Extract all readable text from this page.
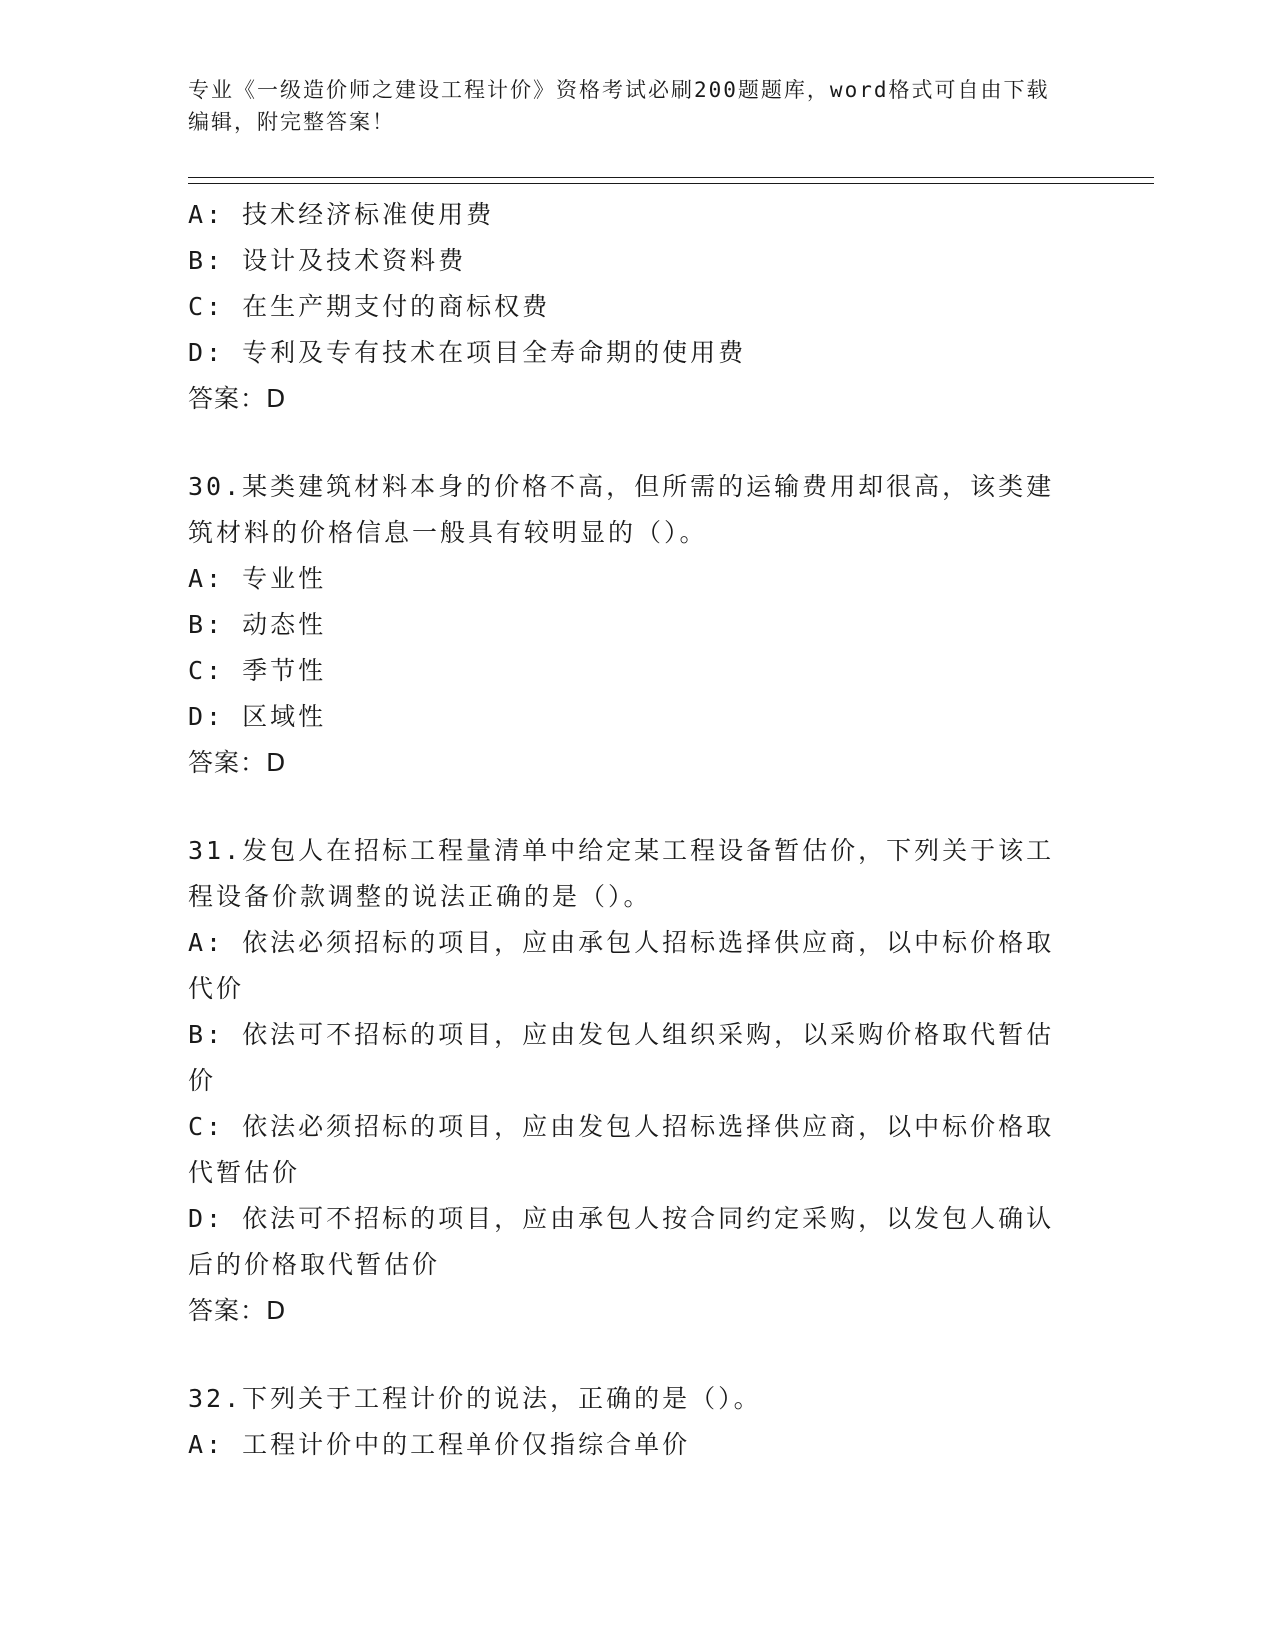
专业《一级造价师之建设工程计价》资格考试必刷200题题库，word格式可自由下载编辑，附完整答案！
A: 技术经济标准使用费
B: 设计及技术资料费
C: 在生产期支付的商标权费
D: 专利及专有技术在项目全寿命期的使用费
答案：D
30.某类建筑材料本身的价格不高，但所需的运输费用却很高，该类建筑材料的价格信息一般具有较明显的（）。
A: 专业性
B: 动态性
C: 季节性
D: 区域性
答案：D
31.发包人在招标工程量清单中给定某工程设备暂估价，下列关于该工程设备价款调整的说法正确的是（）。
A: 依法必须招标的项目，应由承包人招标选择供应商，以中标价格取代价
B: 依法可不招标的项目，应由发包人组织采购，以采购价格取代暂估价
C: 依法必须招标的项目，应由发包人招标选择供应商，以中标价格取代暂估价
D: 依法可不招标的项目，应由承包人按合同约定采购，以发包人确认后的价格取代暂估价
答案：D
32.下列关于工程计价的说法，正确的是（）。
A: 工程计价中的工程单价仅指综合单价
